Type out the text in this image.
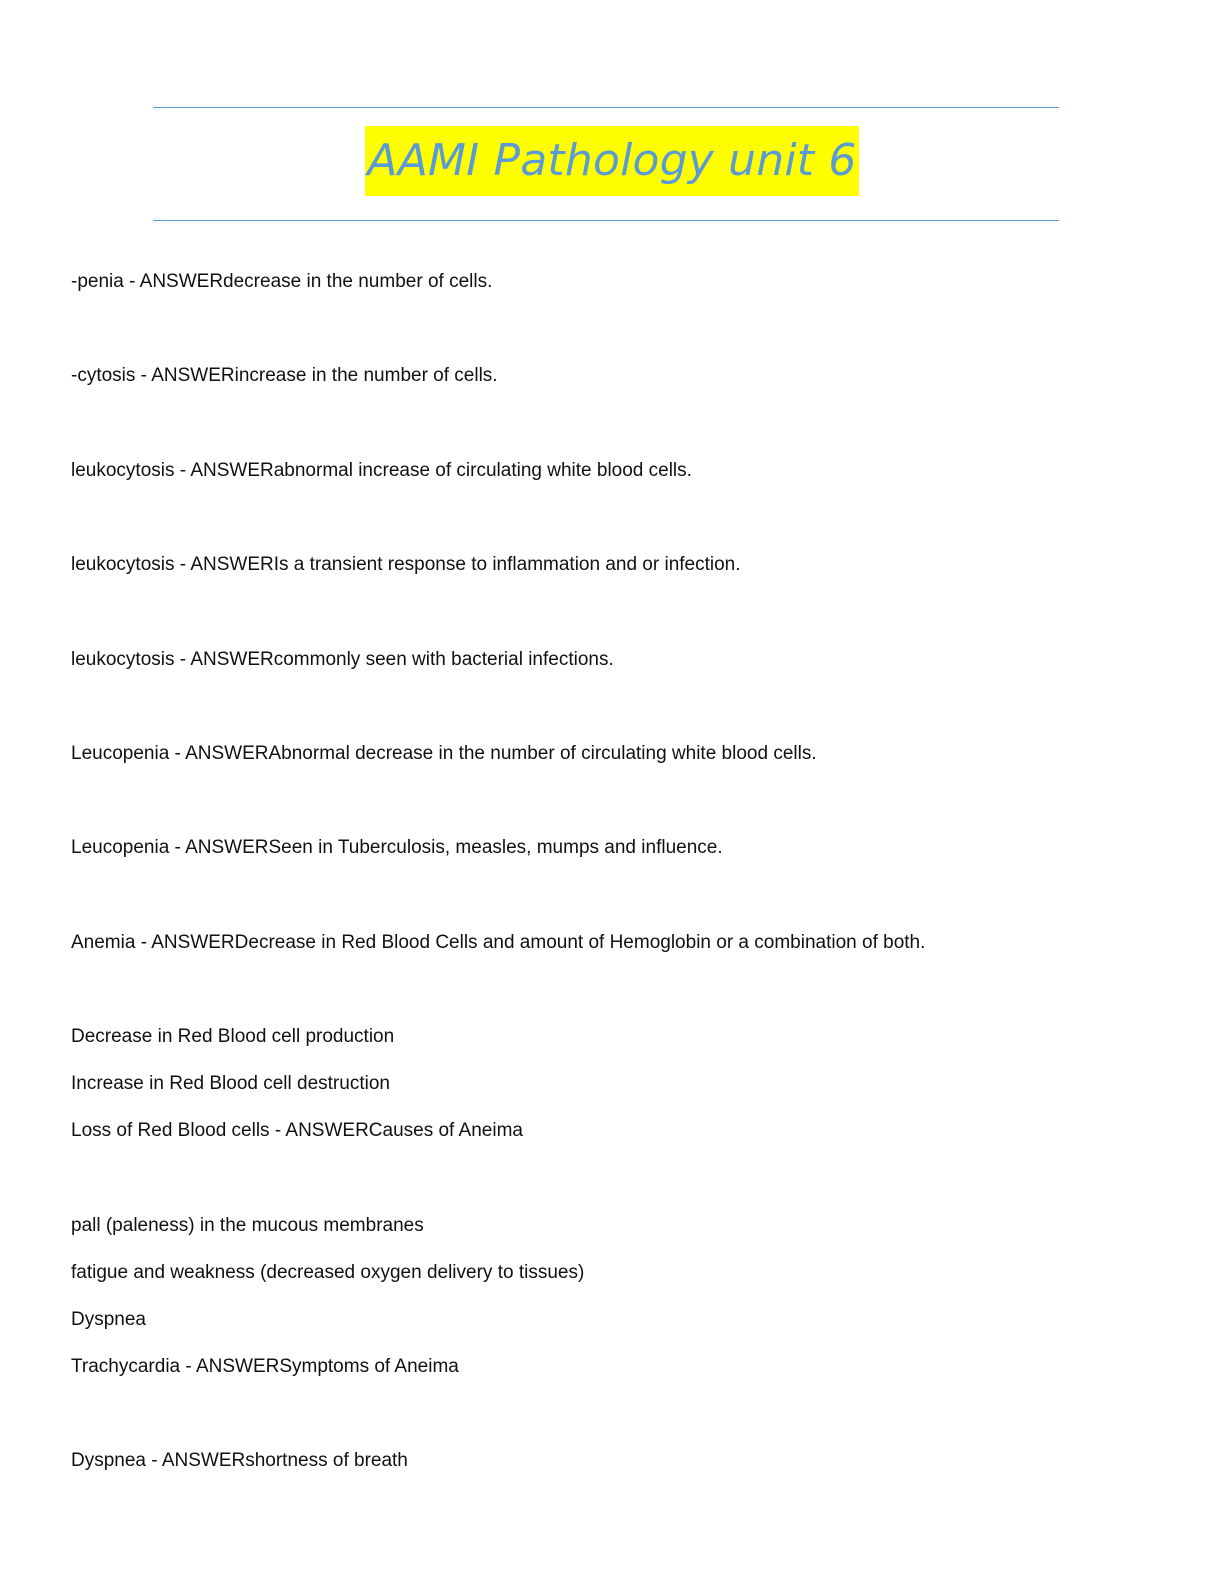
AAMI Pathology unit 6
-penia - ANSWERdecrease in the number of cells.
-cytosis - ANSWERincrease in the number of cells.
leukocytosis - ANSWERabnormal increase of circulating white blood cells.
leukocytosis - ANSWERIs a transient response to inflammation and or infection.
leukocytosis - ANSWERcommonly seen with bacterial infections.
Leucopenia - ANSWERAbnormal decrease in the number of circulating white blood cells.
Leucopenia - ANSWERSeen in Tuberculosis, measles, mumps and influence.
Anemia - ANSWERDecrease in Red Blood Cells and amount of Hemoglobin or a combination of both.
Decrease in Red Blood cell production
Increase in Red Blood cell destruction
Loss of Red Blood cells - ANSWERCauses of Aneima
pall (paleness) in the mucous membranes
fatigue and weakness (decreased oxygen delivery to tissues)
Dyspnea
Trachycardia - ANSWERSymptoms of Aneima
Dyspnea - ANSWERshortness of breath
